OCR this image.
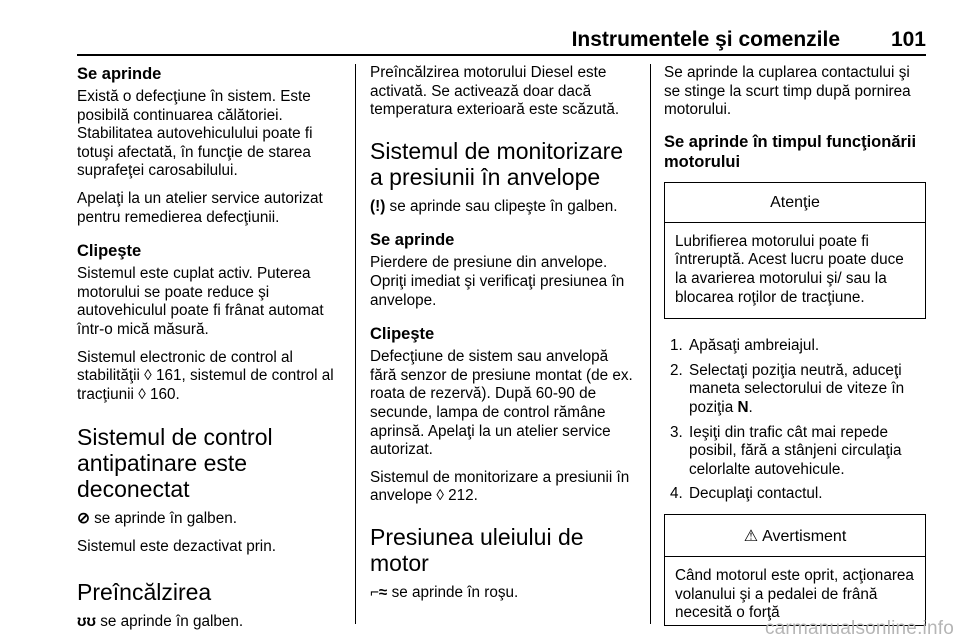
Instrumentele şi comenzile 101
Se aprinde

Există o defecţiune în sistem. Este posibilă continuarea călătoriei. Stabilitatea autovehiculului poate fi totuşi afectată, în funcţie de starea suprafeţei carosabilului.

Apelaţi la un atelier service autorizat pentru remedierea defecţiunii.

Clipeşte

Sistemul este cuplat activ. Puterea motorului se poate reduce şi autovehiculul poate fi frânat automat într-o mică măsură.

Sistemul electronic de control al stabilităţii ◊ 161, sistemul de control al tracţiunii ◊ 160.

Sistemul de control antipatinare este deconectat

⊘ se aprinde în galben.

Sistemul este dezactivat prin.

Preîncălzirea

ʊʊ se aprinde în galben.

Preîncălzirea motorului Diesel este activată. Se activează doar dacă temperatura exterioară este scăzută.

Sistemul de monitorizare a presiunii în anvelope

(!) se aprinde sau clipeşte în galben.

Se aprinde

Pierdere de presiune din anvelope. Opriţi imediat şi verificaţi presiunea în anvelope.

Clipeşte

Defecţiune de sistem sau anvelopă fără senzor de presiune montat (de ex. roata de rezervă). După 60-90 de secunde, lampa de control rămâne aprinsă. Apelaţi la un atelier service autorizat.

Sistemul de monitorizare a presiunii în anvelope ◊ 212.

Presiunea uleiului de motor

⌐≈ se aprinde în roşu.

Se aprinde la cuplarea contactului şi se stinge la scurt timp după pornirea motorului.

Se aprinde în timpul funcţionării motorului
Atenţie

Lubrifierea motorului poate fi întreruptă. Acest lucru poate duce la avarierea motorului şi/ sau la blocarea roţilor de tracţiune.

1. Apăsaţi ambreiajul.
2. Selectaţi poziţia neutră, aduceţi maneta selectorului de viteze în poziţia N.
3. Ieşiţi din trafic cât mai repede posibil, fără a stânjeni circulaţia celorlalte autovehicule.
4. Decuplaţi contactul.
⚠ Avertisment

Când motorul este oprit, acţionarea volanului şi a pedalei de frână necesită o forţă

carmanualsonline.info
